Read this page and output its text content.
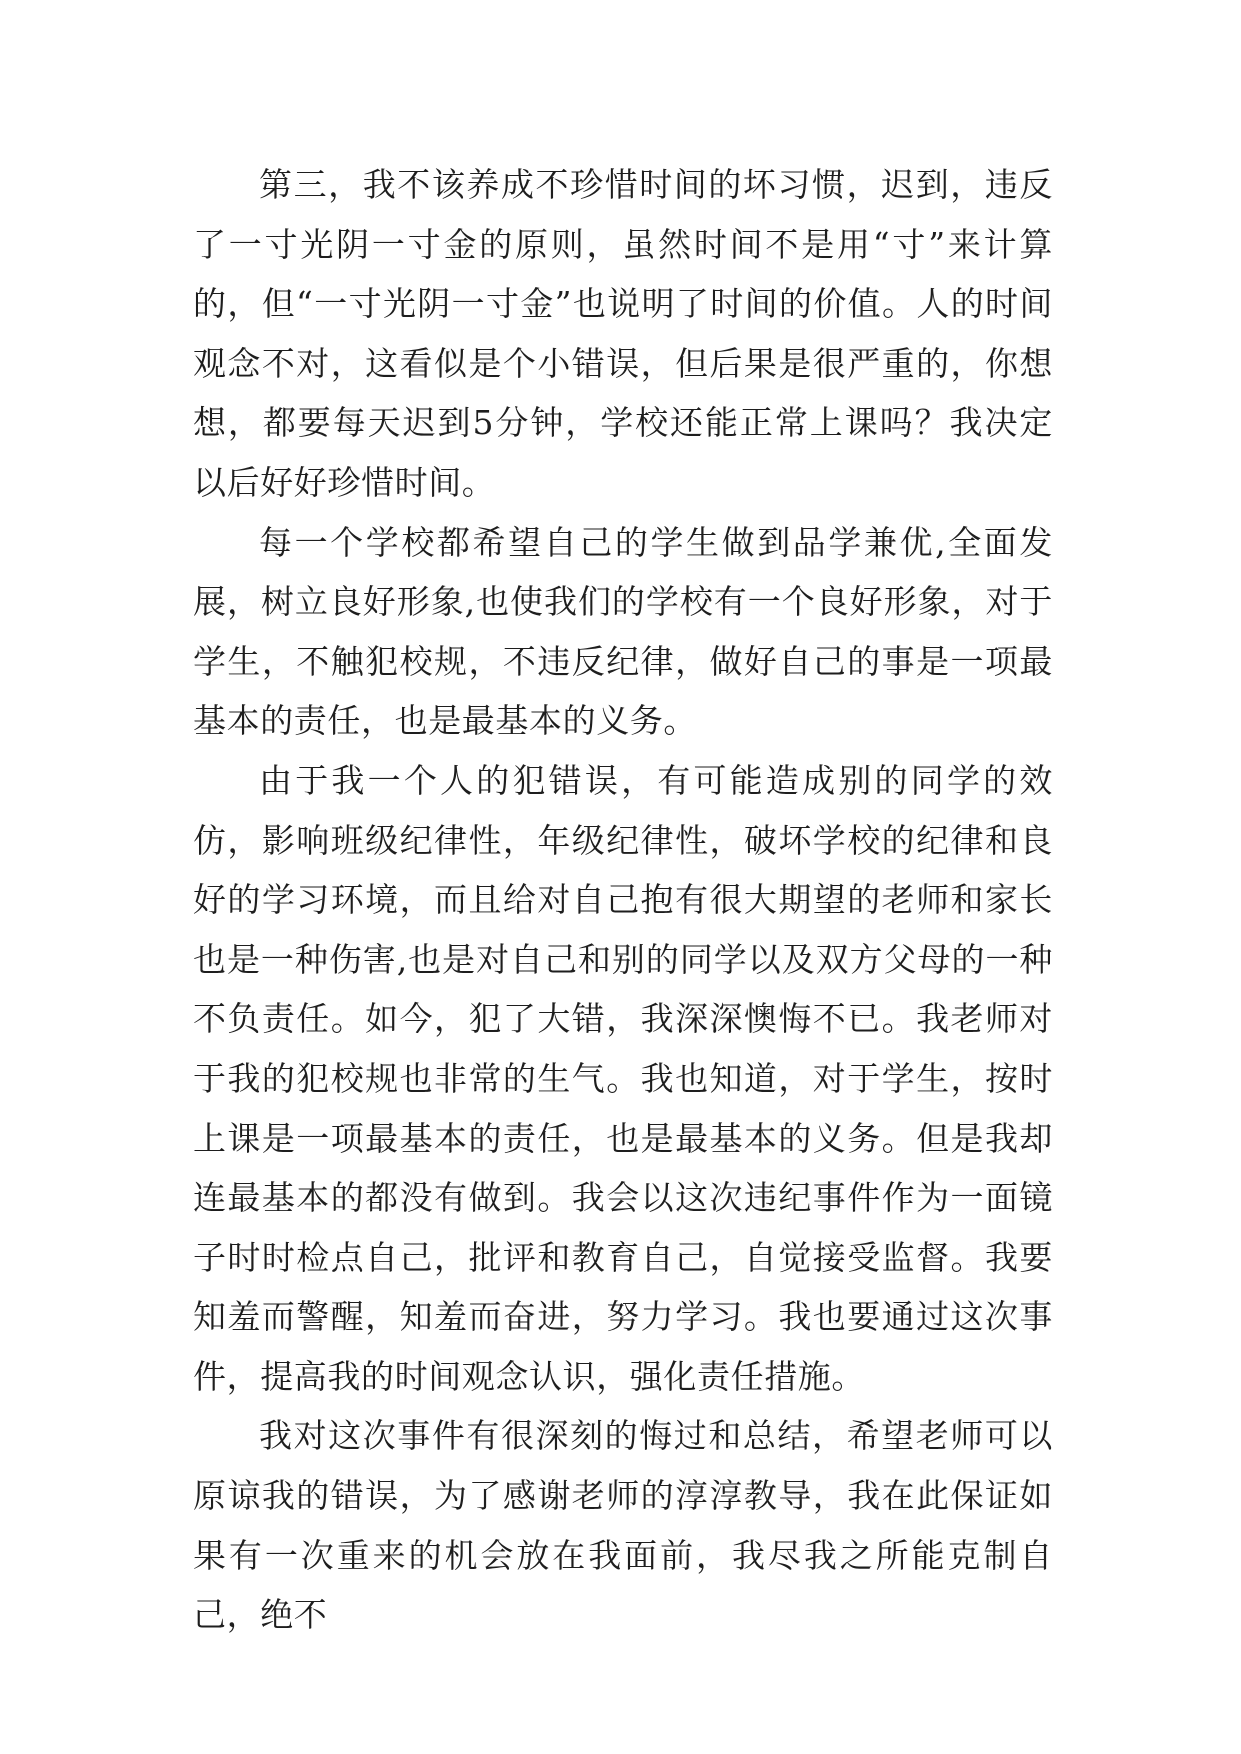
第三，我不该养成不珍惜时间的坏习惯，迟到，违反了一寸光阴一寸金的原则，虽然时间不是用“寸”来计算的，但“一寸光阴一寸金”也说明了时间的价值。人的时间观念不对，这看似是个小错误，但后果是很严重的，你想想，都要每天迟到5分钟，学校还能正常上课吗？我决定以后好好珍惜时间。

每一个学校都希望自己的学生做到品学兼优,全面发展，树立良好形象,也使我们的学校有一个良好形象，对于学生，不触犯校规，不违反纪律，做好自己的事是一项最基本的责任，也是最基本的义务。

由于我一个人的犯错误，有可能造成别的同学的效仿，影响班级纪律性，年级纪律性，破坏学校的纪律和良好的学习环境，而且给对自己抱有很大期望的老师和家长也是一种伤害,也是对自己和别的同学以及双方父母的一种不负责任。如今，犯了大错，我深深懊悔不已。我老师对于我的犯校规也非常的生气。我也知道，对于学生，按时上课是一项最基本的责任，也是最基本的义务。但是我却连最基本的都没有做到。我会以这次违纪事件作为一面镜子时时检点自己，批评和教育自己，自觉接受监督。我要知羞而警醒，知羞而奋进，努力学习。我也要通过这次事件，提高我的时间观念认识，强化责任措施。

我对这次事件有很深刻的悔过和总结，希望老师可以原谅我的错误，为了感谢老师的淳淳教导，我在此保证如果有一次重来的机会放在我面前，我尽我之所能克制自己，绝不
